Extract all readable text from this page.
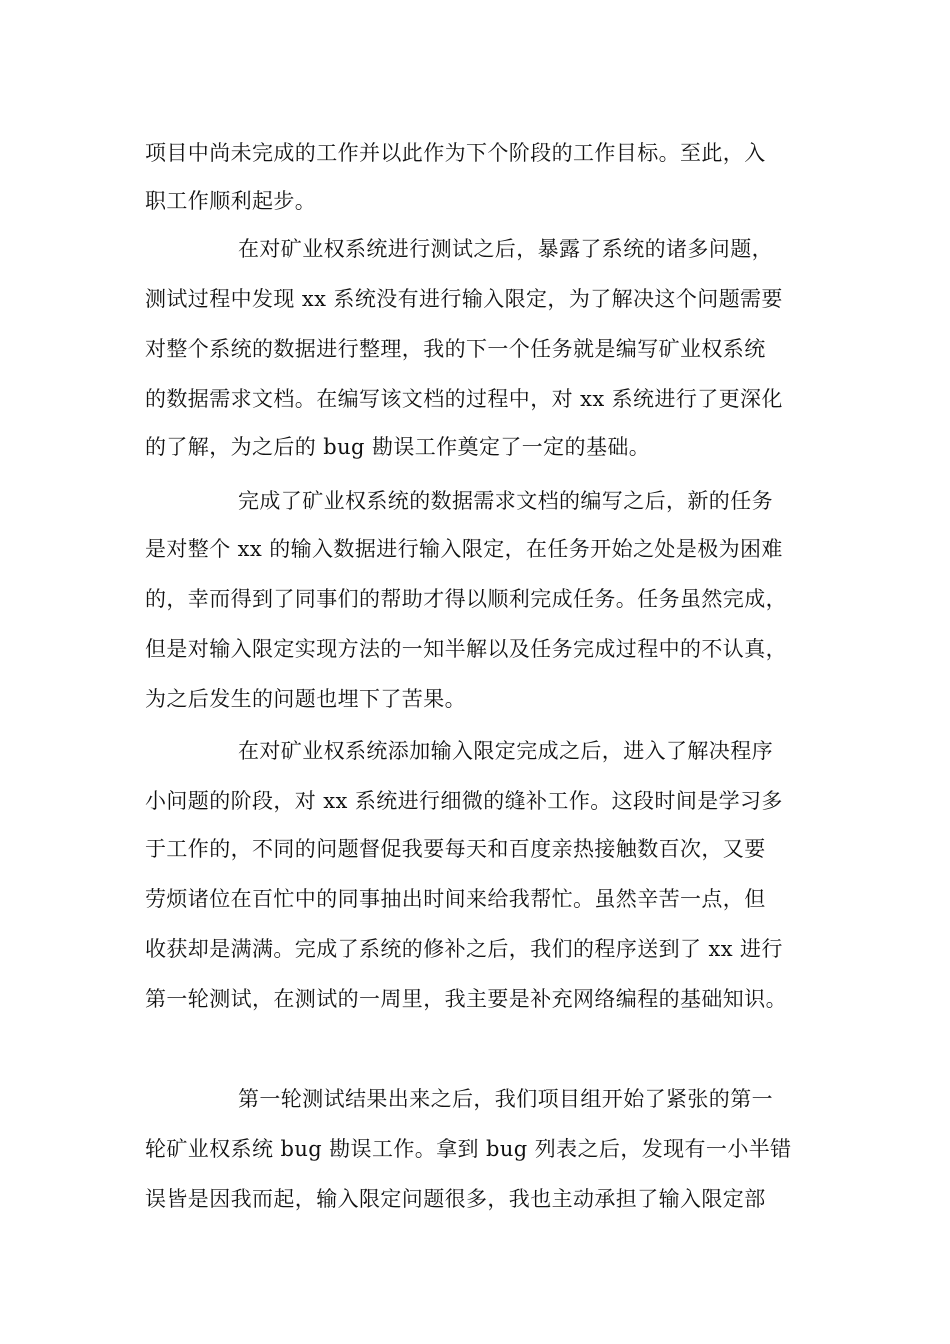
项目中尚未完成的工作并以此作为下个阶段的工作目标。至此，入
职工作顺利起步。
在对矿业权系统进行测试之后，暴露了系统的诸多问题，
测试过程中发现 xx 系统没有进行输入限定，为了解决这个问题需要
对整个系统的数据进行整理，我的下一个任务就是编写矿业权系统
的数据需求文档。在编写该文档的过程中，对 xx 系统进行了更深化
的了解，为之后的 bug 勘误工作奠定了一定的基础。
完成了矿业权系统的数据需求文档的编写之后，新的任务
是对整个 xx 的输入数据进行输入限定，在任务开始之处是极为困难
的，幸而得到了同事们的帮助才得以顺利完成任务。任务虽然完成，
但是对输入限定实现方法的一知半解以及任务完成过程中的不认真，
为之后发生的问题也埋下了苦果。
在对矿业权系统添加输入限定完成之后，进入了解决程序
小问题的阶段，对 xx 系统进行细微的缝补工作。这段时间是学习多
于工作的，不同的问题督促我要每天和百度亲热接触数百次，又要
劳烦诸位在百忙中的同事抽出时间来给我帮忙。虽然辛苦一点，但
收获却是满满。完成了系统的修补之后，我们的程序送到了 xx 进行
第一轮测试，在测试的一周里，我主要是补充网络编程的基础知识。
第一轮测试结果出来之后，我们项目组开始了紧张的第一
轮矿业权系统 bug 勘误工作。拿到 bug 列表之后，发现有一小半错
误皆是因我而起，输入限定问题很多，我也主动承担了输入限定部
